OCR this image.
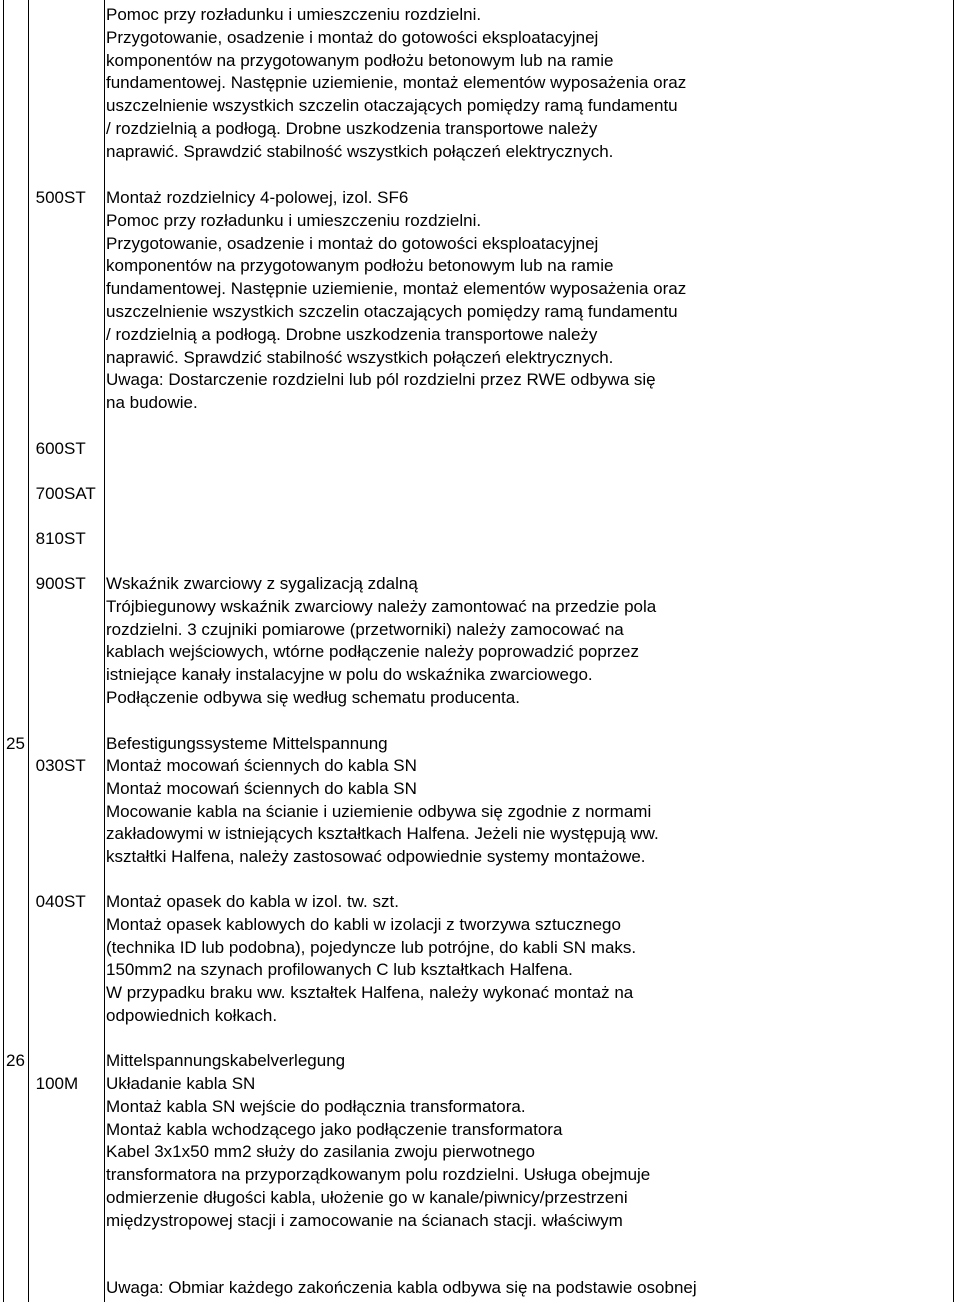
Pomoc przy rozładunku i umieszczeniu rozdzielni.
Przygotowanie, osadzenie i montaż do gotowości eksploatacyjnej
komponentów na przygotowanym podłożu betonowym lub na ramie
fundamentowej. Następnie uziemienie, montaż elementów wyposażenia oraz
uszczelnienie wszystkich szczelin otaczających pomiędzy ramą fundamentu
/ rozdzielnią a podłogą. Drobne uszkodzenia transportowe należy
naprawić. Sprawdzić stabilność wszystkich połączeń elektrycznych.
500 ST	Montaż rozdzielnicy 4-polowej, izol. SF6
Pomoc przy rozładunku i umieszczeniu rozdzielni.
Przygotowanie, osadzenie i montaż do gotowości eksploatacyjnej
komponentów na przygotowanym podłożu betonowym lub na ramie
fundamentowej. Następnie uziemienie, montaż elementów wyposażenia oraz
uszczelnienie wszystkich szczelin otaczających pomiędzy ramą fundamentu
/ rozdzielnią a podłogą. Drobne uszkodzenia transportowe należy
naprawić. Sprawdzić stabilność wszystkich połączeń elektrycznych.
Uwaga: Dostarczenie rozdzielni lub pól rozdzielni przez RWE odbywa się
na budowie.
600 ST
700 SAT
810 ST
900 ST	Wskaźnik zwarciowy z sygalizacją zdalną
Trójbiegunowy wskaźnik zwarciowy należy zamontować na przedzie pola
rozdzielni. 3 czujniki pomiarowe (przetworniki) należy zamocować na
kablach wejściowych, wtórne podłączenie należy poprowadzić poprzez
istniejące kanały instalacyjne w polu do wskaźnika zwarciowego.
Podłączenie odbywa się według schematu producenta.
25	Befestigungssysteme Mittelspannung
030 ST	Montaż mocowań ściennych do kabla SN
Montaż mocowań ściennych do kabla SN
Mocowanie kabla na ścianie i uziemienie odbywa się zgodnie z normami
zakładowymi w istniejących kształtkach Halfena. Jeżeli nie występują ww.
kształtki Halfena, należy zastosować odpowiednie systemy montażowe.
040 ST	Montaż opasek do kabla w izol. tw. szt.
Montaż opasek kablowych do kabli w izolacji z tworzywa sztucznego
(technika ID lub podobna), pojedyncze lub potrójne, do kabli SN maks.
150mm2 na szynach profilowanych C lub kształtkach Halfena.
W przypadku braku ww. kształtek Halfena, należy wykonać montaż na
odpowiednich kołkach.
26	Mittelspannungskabelverlegung
100 M	Układanie kabla SN
Montaż kabla SN wejście do podłącznia transformatora.
Montaż kabla wchodzącego jako podłączenie transformatora
Kabel 3x1x50 mm2 służy do zasilania zwoju pierwotnego
transformatora na przyporządkowanym polu rozdzielni. Usługa obejmuje
odmierzenie długości kabla, ułożenie go w kanale/piwnicy/przestrzeni
międzystropowej stacji i zamocowanie na ścianach stacji. właściwym
Uwaga: Obmiar każdego zakończenia kabla odbywa się na podstawie osobnej
